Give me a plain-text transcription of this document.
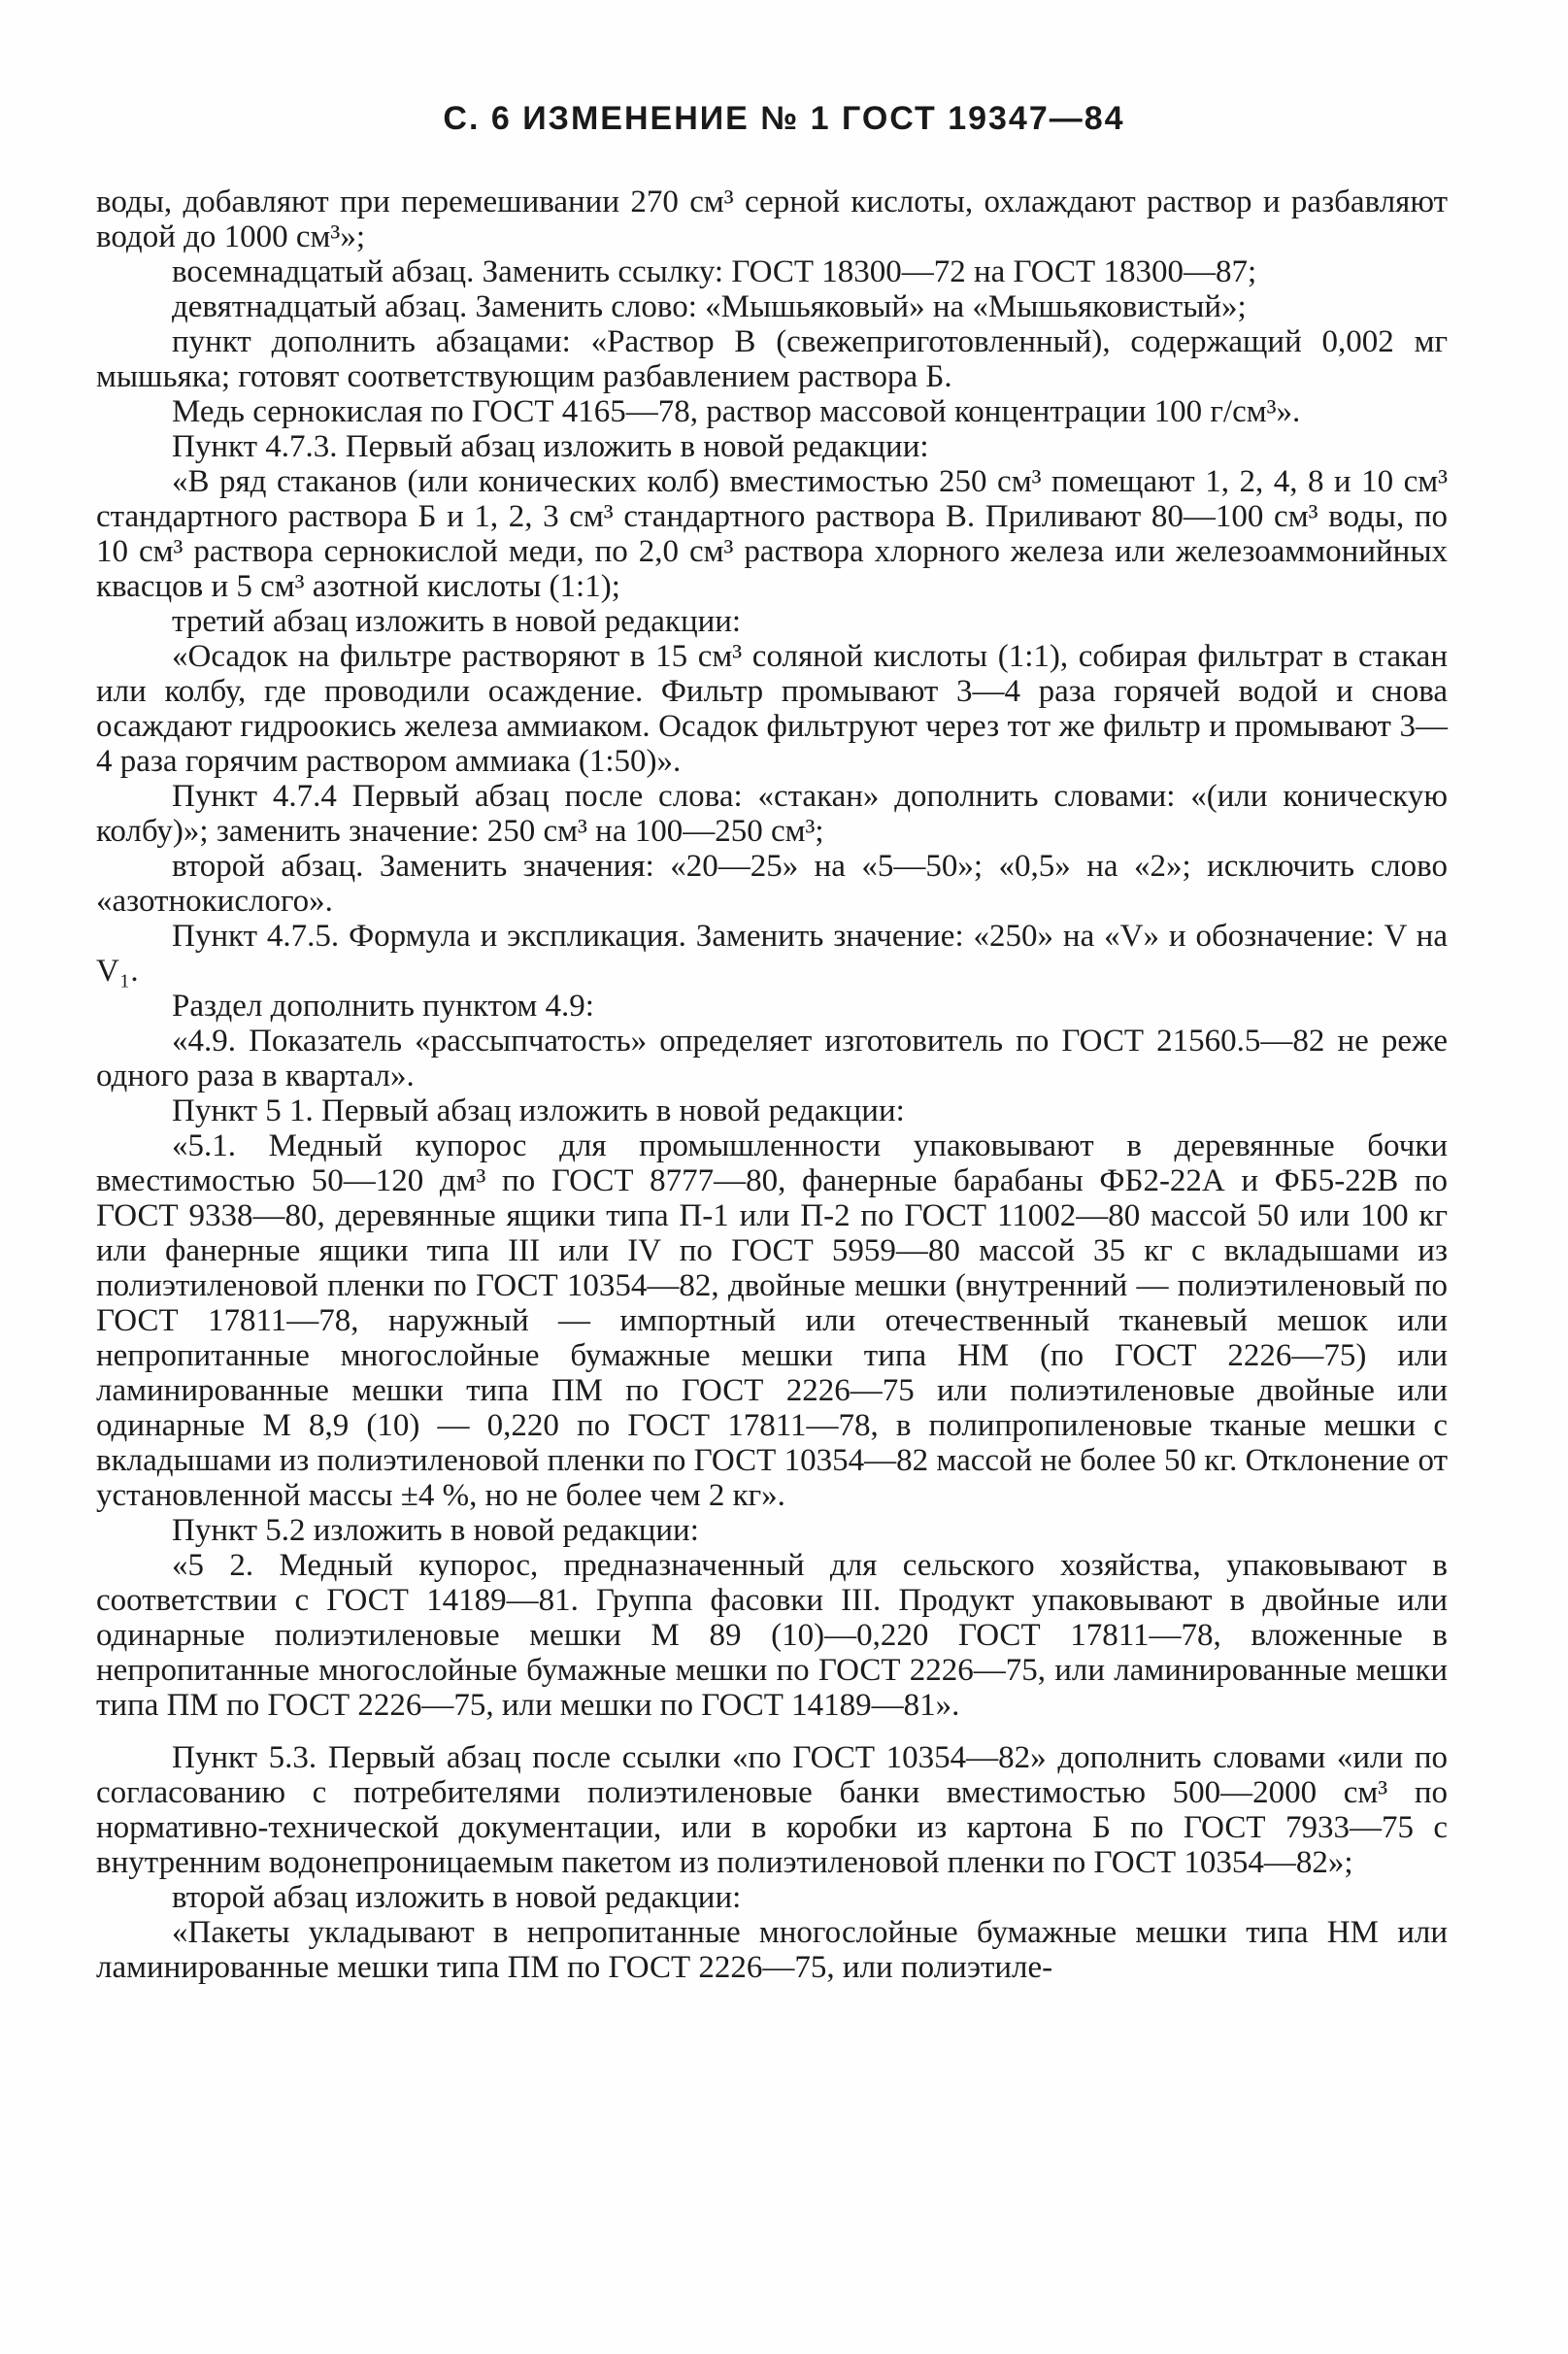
С. 6 ИЗМЕНЕНИЕ № 1 ГОСТ 19347—84

воды, добавляют при перемешивании 270 см³ серной кислоты, охлаждают раствор и разбавляют водой до 1000 см³»;

восемнадцатый абзац. Заменить ссылку: ГОСТ 18300—72 на ГОСТ 18300—87;

девятнадцатый абзац. Заменить слово: «Мышьяковый» на «Мышьяковистый»;

пункт дополнить абзацами: «Раствор В (свежеприготовленный), содержащий 0,002 мг мышьяка; готовят соответствующим разбавлением раствора Б.

Медь сернокислая по ГОСТ 4165—78, раствор массовой концентрации 100 г/см³».

Пункт 4.7.3. Первый абзац изложить в новой редакции:

«В ряд стаканов (или конических колб) вместимостью 250 см³ помещают 1, 2, 4, 8 и 10 см³ стандартного раствора Б и 1, 2, 3 см³ стандартного раствора В. Приливают 80—100 см³ воды, по 10 см³ раствора сернокислой меди, по 2,0 см³ раствора хлорного железа или железоаммонийных квасцов и 5 см³ азотной кислоты (1:1);

третий абзац изложить в новой редакции:

«Осадок на фильтре растворяют в 15 см³ соляной кислоты (1:1), собирая фильтрат в стакан или колбу, где проводили осаждение. Фильтр промывают 3—4 раза горячей водой и снова осаждают гидроокись железа аммиаком. Осадок фильтруют через тот же фильтр и промывают 3—4 раза горячим раствором аммиака (1:50)».

Пункт 4.7.4 Первый абзац после слова: «стакан» дополнить словами: «(или коническую колбу)»; заменить значение: 250 см³ на 100—250 см³;

второй абзац. Заменить значения: «20—25» на «5—50»; «0,5» на «2»; исключить слово «азотнокислого».

Пункт 4.7.5. Формула и экспликация. Заменить значение: «250» на «V» и обозначение: V на V₁.

Раздел дополнить пунктом 4.9:

«4.9. Показатель «рассыпчатость» определяет изготовитель по ГОСТ 21560.5—82 не реже одного раза в квартал».

Пункт 5 1. Первый абзац изложить в новой редакции:

«5.1. Медный купорос для промышленности упаковывают в деревянные бочки вместимостью 50—120 дм³ по ГОСТ 8777—80, фанерные барабаны ФБ2-22А и ФБ5-22В по ГОСТ 9338—80, деревянные ящики типа П-1 или П-2 по ГОСТ 11002—80 массой 50 или 100 кг или фанерные ящики типа III или IV по ГОСТ 5959—80 массой 35 кг с вкладышами из полиэтиленовой пленки по ГОСТ 10354—82, двойные мешки (внутренний — полиэтиленовый по ГОСТ 17811—78, наружный — импортный или отечественный тканевый мешок или непропитанные многослойные бумажные мешки типа НМ (по ГОСТ 2226—75) или ламинированные мешки типа ПМ по ГОСТ 2226—75 или полиэтиленовые двойные или одинарные М 8,9 (10) — 0,220 по ГОСТ 17811—78, в полипропиленовые тканые мешки с вкладышами из полиэтиленовой пленки по ГОСТ 10354—82 массой не более 50 кг. Отклонение от установленной массы ±4 %, но не более чем 2 кг».

Пункт 5.2 изложить в новой редакции:

«5 2. Медный купорос, предназначенный для сельского хозяйства, упаковывают в соответствии с ГОСТ 14189—81. Группа фасовки III. Продукт упаковывают в двойные или одинарные полиэтиленовые мешки М 89 (10)—0,220 ГОСТ 17811—78, вложенные в непропитанные многослойные бумажные мешки по ГОСТ 2226—75, или ламинированные мешки типа ПМ по ГОСТ 2226—75, или мешки по ГОСТ 14189—81».

Пункт 5.3. Первый абзац после ссылки «по ГОСТ 10354—82» дополнить словами «или по согласованию с потребителями полиэтиленовые банки вместимостью 500—2000 см³ по нормативно-технической документации, или в коробки из картона Б по ГОСТ 7933—75 с внутренним водонепроницаемым пакетом из полиэтиленовой пленки по ГОСТ 10354—82»;

второй абзац изложить в новой редакции:

«Пакеты укладывают в непропитанные многослойные бумажные мешки типа НМ или ламинированные мешки типа ПМ по ГОСТ 2226—75, или полиэтиле-
